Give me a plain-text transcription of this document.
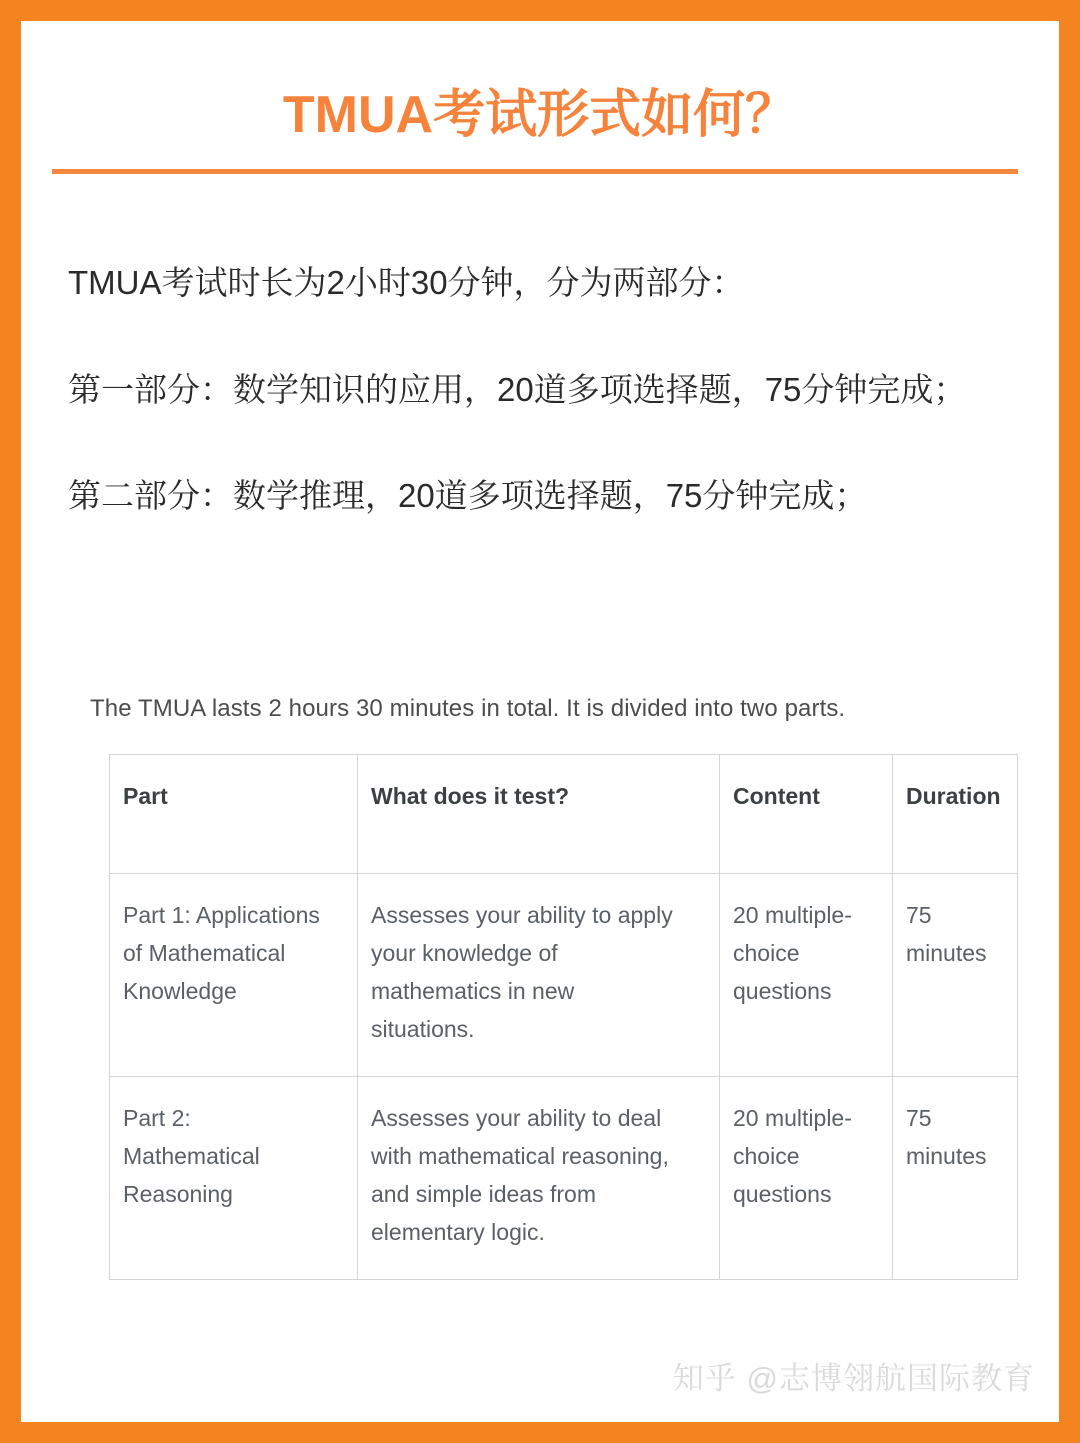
TMUA考试形式如何？

TMUA考试时长为2小时30分钟，分为两部分：

第一部分：数学知识的应用，20道多项选择题，75分钟完成；

第二部分：数学推理，20道多项选择题，75分钟完成；

The TMUA lasts 2 hours 30 minutes in total. It is divided into two parts.

Part	What does it test?	Content	Duration

Part 1: Applications
of Mathematical
Knowledge	Assesses your ability to apply
your knowledge of
mathematics in new
situations.	20 multiple-
choice
questions	75
minutes

Part 2:
Mathematical
Reasoning	Assesses your ability to deal
with mathematical reasoning,
and simple ideas from
elementary logic.	20 multiple-
choice
questions	75
minutes
知乎 @志博翎航国际教育
